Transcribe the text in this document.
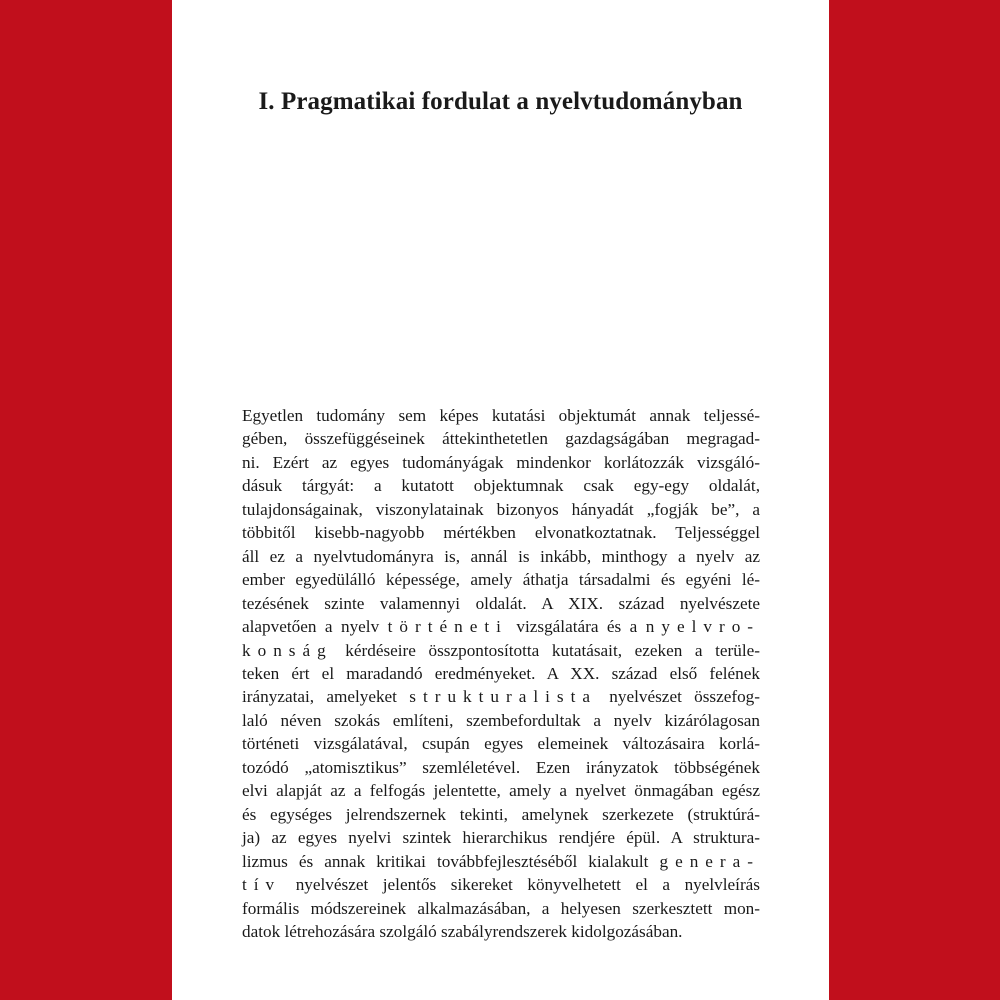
I. Pragmatikai fordulat a nyelvtudományban
Egyetlen tudomány sem képes kutatási objektumát annak teljessé-
gében, összefüggéseinek áttekinthetetlen gazdagságában megragad-
ni. Ezért az egyes tudományágak mindenkor korlátozzák vizsgáló-
dásuk tárgyát: a kutatott objektumnak csak egy-egy oldalát,
tulajdonságainak, viszonylatainak bizonyos hányadát „fogják be”, a
többitől kisebb-nagyobb mértékben elvonatkoztatnak. Teljességgel
áll ez a nyelvtudományra is, annál is inkább, minthogy a nyelv az
ember egyedülálló képessége, amely áthatja társadalmi és egyéni lé-
tezésének szinte valamennyi oldalát. A XIX. század nyelvészete
alapvetően a nyelv történeti vizsgálatára és a nyelvro-
konság kérdéseire összpontosította kutatásait, ezeken a terüle-
teken ért el maradandó eredményeket. A XX. század első felének
irányzatai, amelyeket strukturalista nyelvészet összefog-
laló néven szokás említeni, szembefordultak a nyelv kizárólagosan
történeti vizsgálatával, csupán egyes elemeinek változásaira korlá-
tozódó „atomisztikus” szemléletével. Ezen irányzatok többségének
elvi alapját az a felfogás jelentette, amely a nyelvet önmagában egész
és egységes jelrendszernek tekinti, amelynek szerkezete (struktúrá-
ja) az egyes nyelvi szintek hierarchikus rendjére épül. A struktura-
lizmus és annak kritikai továbbfejlesztéséből kialakult genera-
tív nyelvészet jelentős sikereket könyvelhetett el a nyelvleírás
formális módszereinek alkalmazásában, a helyesen szerkesztett mon-
datok létrehozására szolgáló szabályrendszerek kidolgozásában.
